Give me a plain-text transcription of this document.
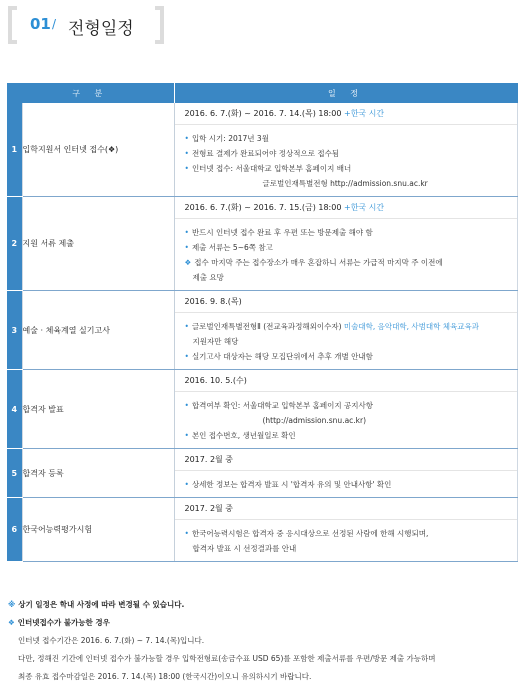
01 / 전형일정
구 분		일 정
1	입학지원서 인터넷 접수(❖)	2016. 6. 7.(화) ~ 2016. 7. 14.(목) 18:00 +한국 시간
• 입학 시기: 2017년 3월
• 전형료 결제가 완료되어야 정상적으로 접수됨
• 인터넷 접수: 서울대학교 입학본부 홈페이지 배너
글로벌인재특별전형 http://admission.snu.ac.kr

2	지원 서류 제출	2016. 6. 7.(화) ~ 2016. 7. 15.(금) 18:00 +한국 시간
• 반드시 인터넷 접수 완료 후 우편 또는 방문제출 해야 함
• 제출 서류는 5~6쪽 참고
❖ 접수 마지막 주는 접수장소가 매우 혼잡하니 서류는 가급적 마지막 주 이전에
제출 요망

3	예술 · 체육계열 실기고사	2016. 9. 8.(목)
• 글로벌인재특별전형Ⅱ (전교육과정해외이수자) 미술대학, 음악대학, 사범대학 체육교육과
지원자만 해당
• 실기고사 대상자는 해당 모집단위에서 추후 개별 안내함

4	합격자 발표	2016. 10. 5.(수)
• 합격여부 확인: 서울대학교 입학본부 홈페이지 공지사항
(http://admission.snu.ac.kr)
• 본인 접수번호, 생년월일로 확인

5	합격자 등록	2017. 2월 중
• 상세한 정보는 합격자 발표 시 '합격자 유의 및 안내사항' 확인

6	한국어능력평가시험	2017. 2월 중
• 한국어능력시험은 합격자 중 응시대상으로 선정된 사람에 한해 시행되며,
합격자 발표 시 선정결과를 안내
※ 상기 일정은 학내 사정에 따라 변경될 수 있습니다.
❖ 인터넷접수가 불가능한 경우
인터넷 접수기간은 2016. 6. 7.(화) ~ 7. 14.(목)입니다.
다만, 정해진 기간에 인터넷 접수가 불가능할 경우 입학전형료(송금수표 USD 65)를 포함한 제출서류를 우편/방문 제출 가능하며
최종 유효 접수마감일은 2016. 7. 14.(목) 18:00 (한국시간)이오니 유의하시기 바랍니다.
